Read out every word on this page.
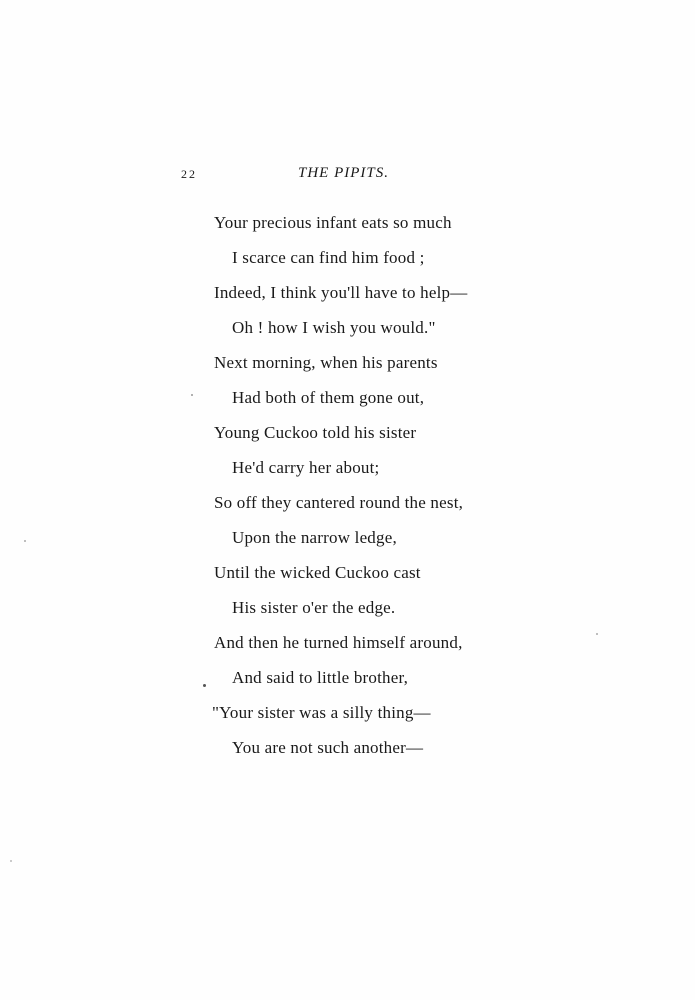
22	THE PIPITS.
Your precious infant eats so much
I scarce can find him food ;
Indeed, I think you'll have to help—
Oh ! how I wish you would."
Next morning, when his parents
Had both of them gone out,
Young Cuckoo told his sister
He'd carry her about;
So off they cantered round the nest,
Upon the narrow ledge,
Until the wicked Cuckoo cast
His sister o'er the edge.
And then he turned himself around,
And said to little brother,
"Your sister was a silly thing—
You are not such another—
